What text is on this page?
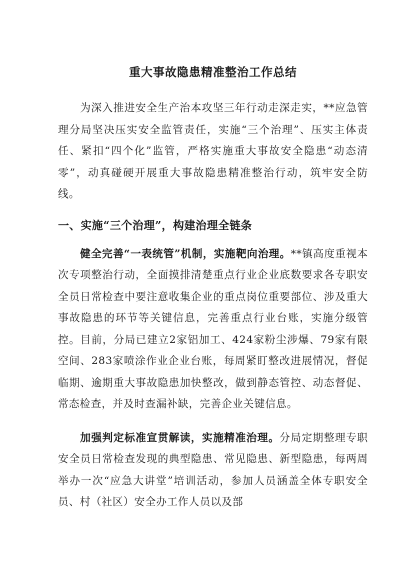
重大事故隐患精准整治工作总结

　　为深入推进安全生产治本攻坚三年行动走深走实，**应急管理分局坚决压实安全监管责任，实施“三个治理”、压实主体责任、紧扣“四个化”监管，严格实施重大事故安全隐患“动态清零”，动真碰硬开展重大事故隐患精准整治行动，筑牢安全防线。

一、实施“三个治理”，构建治理全链条

　　健全完善“一表统管”机制，实施靶向治理。**镇高度重视本次专项整治行动，全面摸排清楚重点行业企业底数要求各专职安全员日常检查中要注意收集企业的重点岗位重要部位、涉及重大事故隐患的环节等关键信息，完善重点行业台账，实施分级管控。目前，分局已建立2家铝加工、424家粉尘涉爆、79家有限空间、283家喷涂作业企业台账，每周紧盯整改进展情况，督促临期、逾期重大事故隐患加快整改，做到静态管控、动态督促、常态检查，并及时查漏补缺，完善企业关键信息。

　　加强判定标准宣贯解读，实施精准治理。分局定期整理专职安全员日常检查发现的典型隐患、常见隐患、新型隐患，每两周举办一次“应急大讲堂”培训活动，参加人员涵盖全体专职安全员、村（社区）安全办工作人员以及部
